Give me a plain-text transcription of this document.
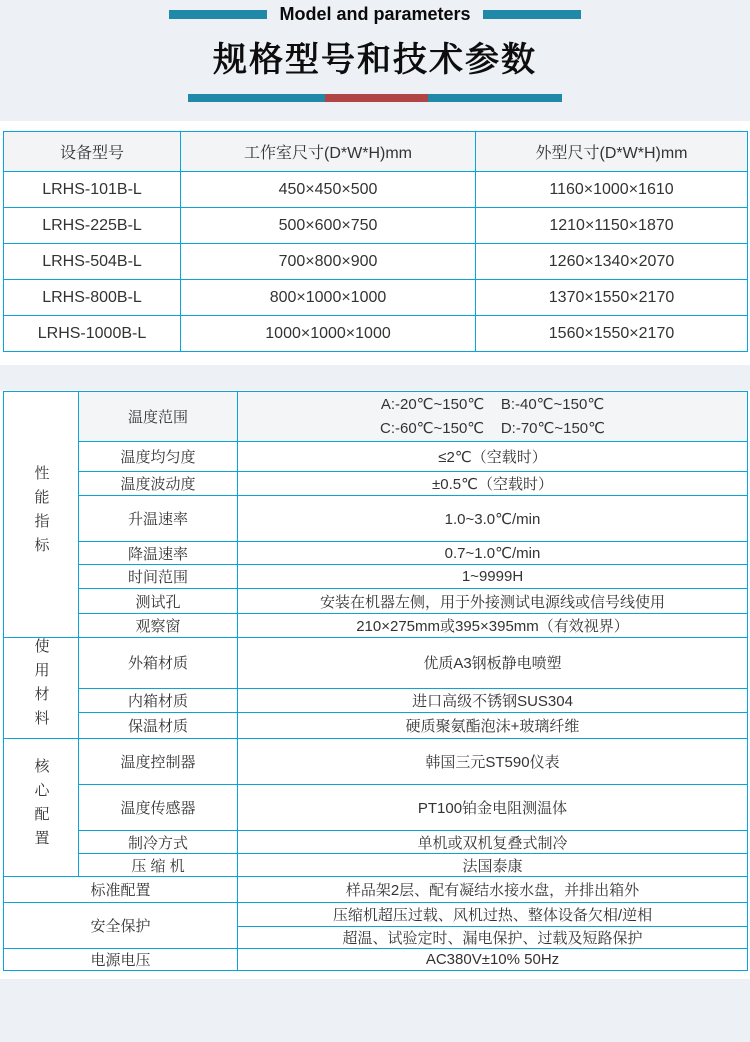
Model and parameters
规格型号和技术参数
设备型号	工作室尺寸(D*W*H)mm	外型尺寸(D*W*H)mm
LRHS-101B-L	450×450×500	1160×1000×1610
LRHS-225B-L	500×600×750	1210×1150×1870
LRHS-504B-L	700×800×900	1260×1340×2070
LRHS-800B-L	800×1000×1000	1370×1550×2170
LRHS-1000B-L	1000×1000×1000	1560×1550×2170
性能指标	温度范围	A:-20℃~150℃    B:-40℃~150℃
C:-60℃~150℃    D:-70℃~150℃

	温度均匀度	≤2℃（空载时）
	温度波动度	±0.5℃（空载时）
	升温速率	1.0~3.0℃/min
	降温速率	0.7~1.0℃/min
	时间范围	1~9999H
	测试孔	安装在机器左侧，用于外接测试电源线或信号线使用
	观察窗	210×275mm或395×395mm（有效视界）
使用材料	外箱材质	优质A3钢板静电喷塑
	内箱材质	进口高级不锈钢SUS304
	保温材质	硬质聚氨酯泡沫+玻璃纤维
核心配置	温度控制器	韩国三元ST590仪表
	温度传感器	PT100铂金电阻测温体
	制冷方式	单机或双机复叠式制冷
	压 缩 机	法国泰康
标准配置		样品架2层、配有凝结水接水盘，并排出箱外
安全保护		压缩机超压过载、风机过热、整体设备欠相/逆相
		超温、试验定时、漏电保护、过载及短路保护
电源电压		AC380V±10% 50Hz
